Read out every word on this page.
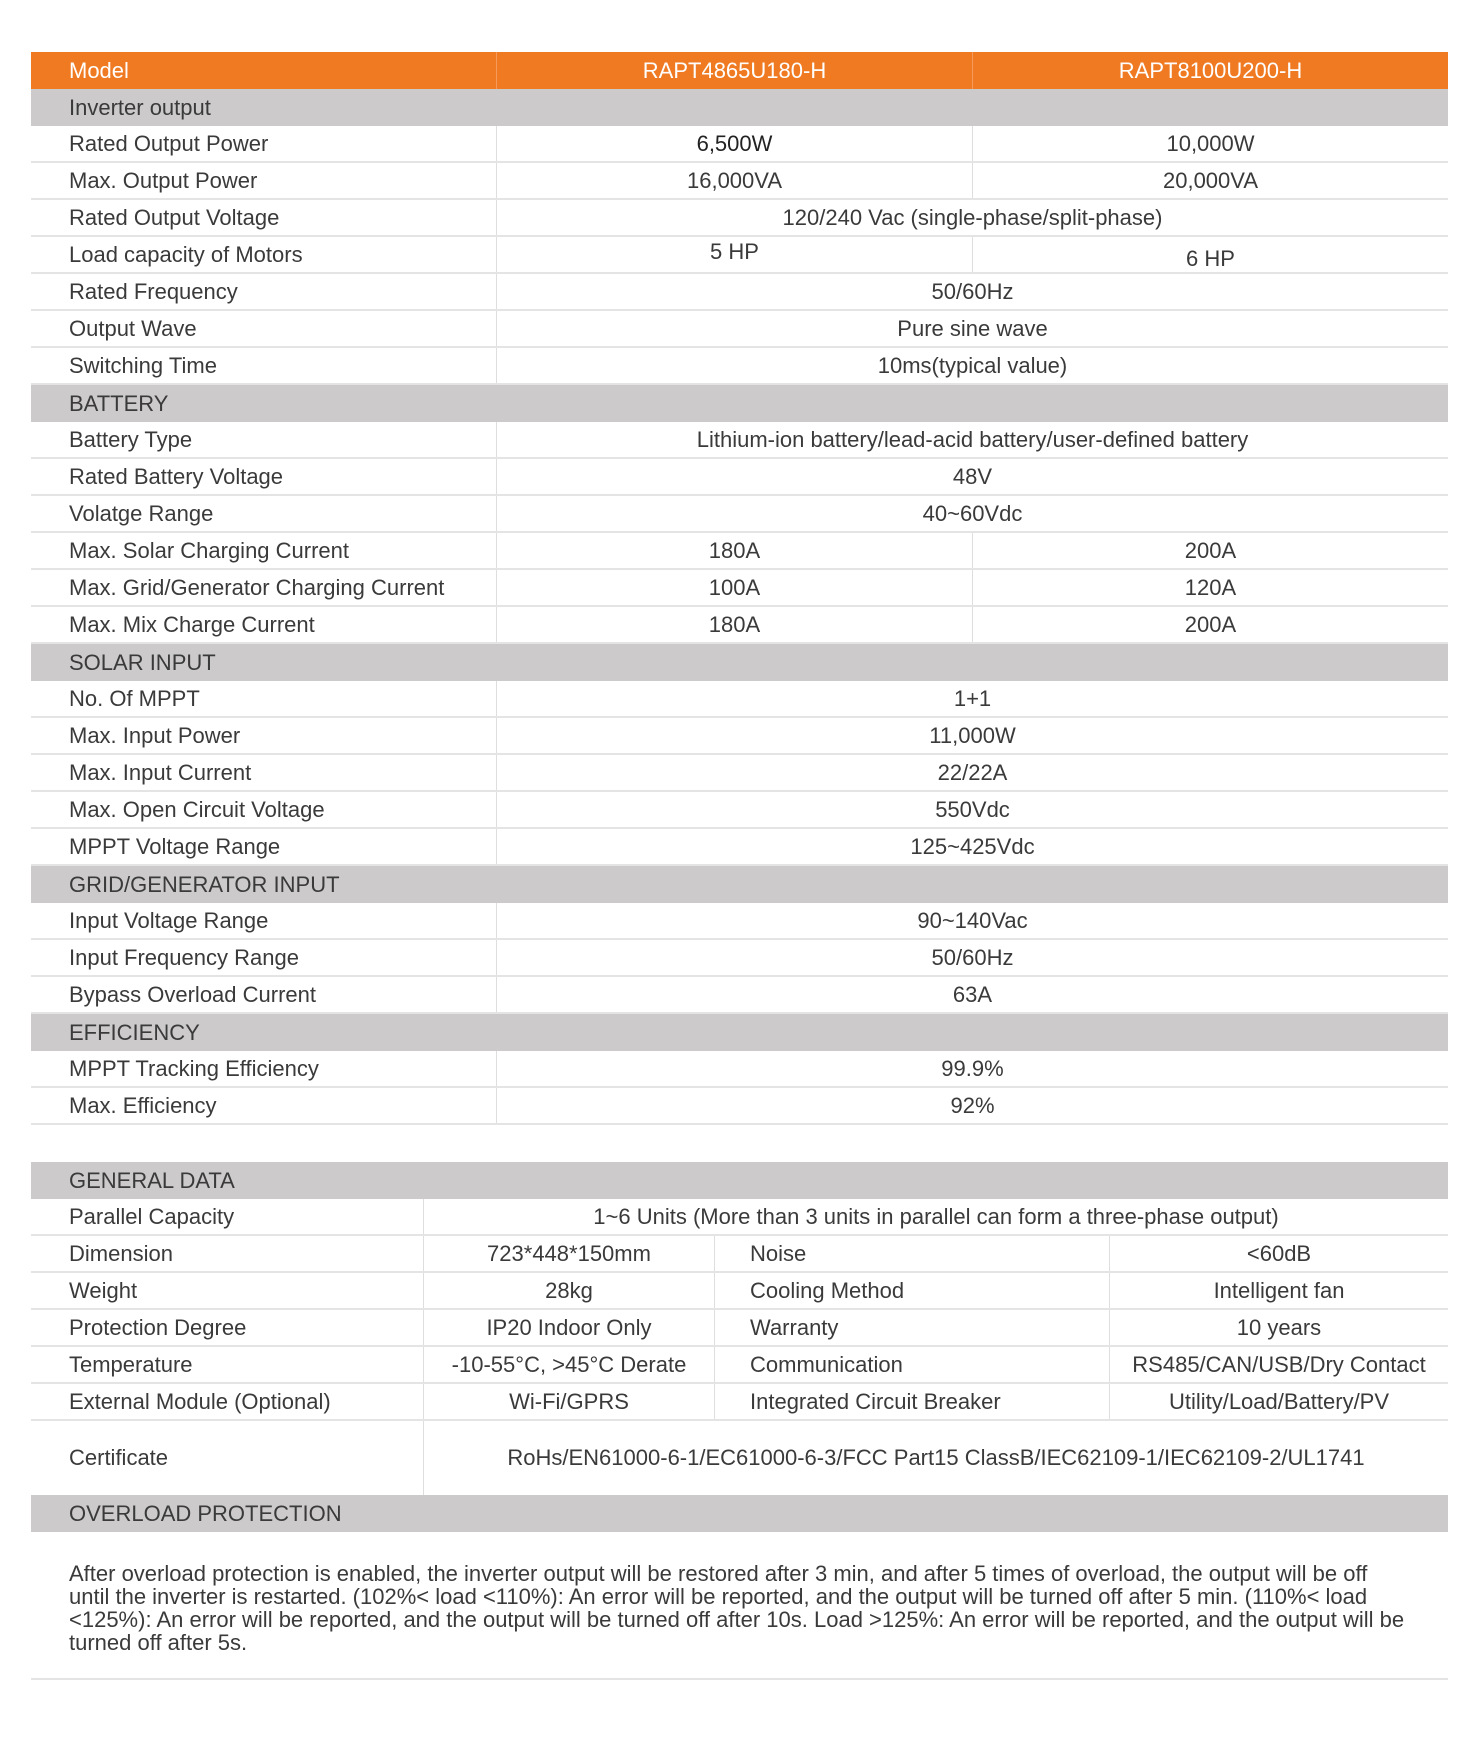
Model	RAPT4865U180-H	RAPT8100U200-H
Inverter output
Rated Output Power	6,500W	10,000W
Max. Output Power	16,000VA	20,000VA
Rated Output Voltage	120/240 Vac (single-phase/split-phase)
Load capacity of Motors	5 HP	6 HP
Rated Frequency	50/60Hz
Output Wave	Pure sine wave
Switching Time	10ms(typical value)
BATTERY
Battery Type	Lithium-ion battery/lead-acid battery/user-defined battery
Rated Battery Voltage	48V
Volatge Range	40~60Vdc
Max. Solar Charging Current	180A	200A
Max. Grid/Generator Charging Current	100A	120A
Max. Mix Charge Current	180A	200A
SOLAR INPUT
No. Of MPPT	1+1
Max. Input Power	11,000W
Max. Input Current	22/22A
Max. Open Circuit Voltage	550Vdc
MPPT Voltage Range	125~425Vdc
GRID/GENERATOR INPUT
Input Voltage Range	90~140Vac
Input Frequency Range	50/60Hz
Bypass Overload Current	63A
EFFICIENCY
MPPT Tracking Efficiency	99.9%
Max. Efficiency	92%
GENERAL DATA
Parallel Capacity	1~6 Units (More than 3 units in parallel can form a three-phase output)
Dimension	723*448*150mm	Noise	<60dB
Weight	28kg	Cooling Method	Intelligent fan
Protection Degree	IP20 Indoor Only	Warranty	10 years
Temperature	-10-55°C, >45°C Derate	Communication	RS485/CAN/USB/Dry Contact
External Module (Optional)	Wi-Fi/GPRS	Integrated Circuit Breaker	Utility/Load/Battery/PV
Certificate	RoHs/EN61000-6-1/EC61000-6-3/FCC Part15 ClassB/IEC62109-1/IEC62109-2/UL1741
OVERLOAD PROTECTION
After overload protection is enabled, the inverter output will be restored after 3 min, and after 5 times of overload, the output will be off until the inverter is restarted. (102%< load <110%): An error will be reported, and the output will be turned off after 5 min. (110%< load <125%): An error will be reported, and the output will be turned off after 10s. Load >125%: An error will be reported, and the output will be turned off after 5s.
